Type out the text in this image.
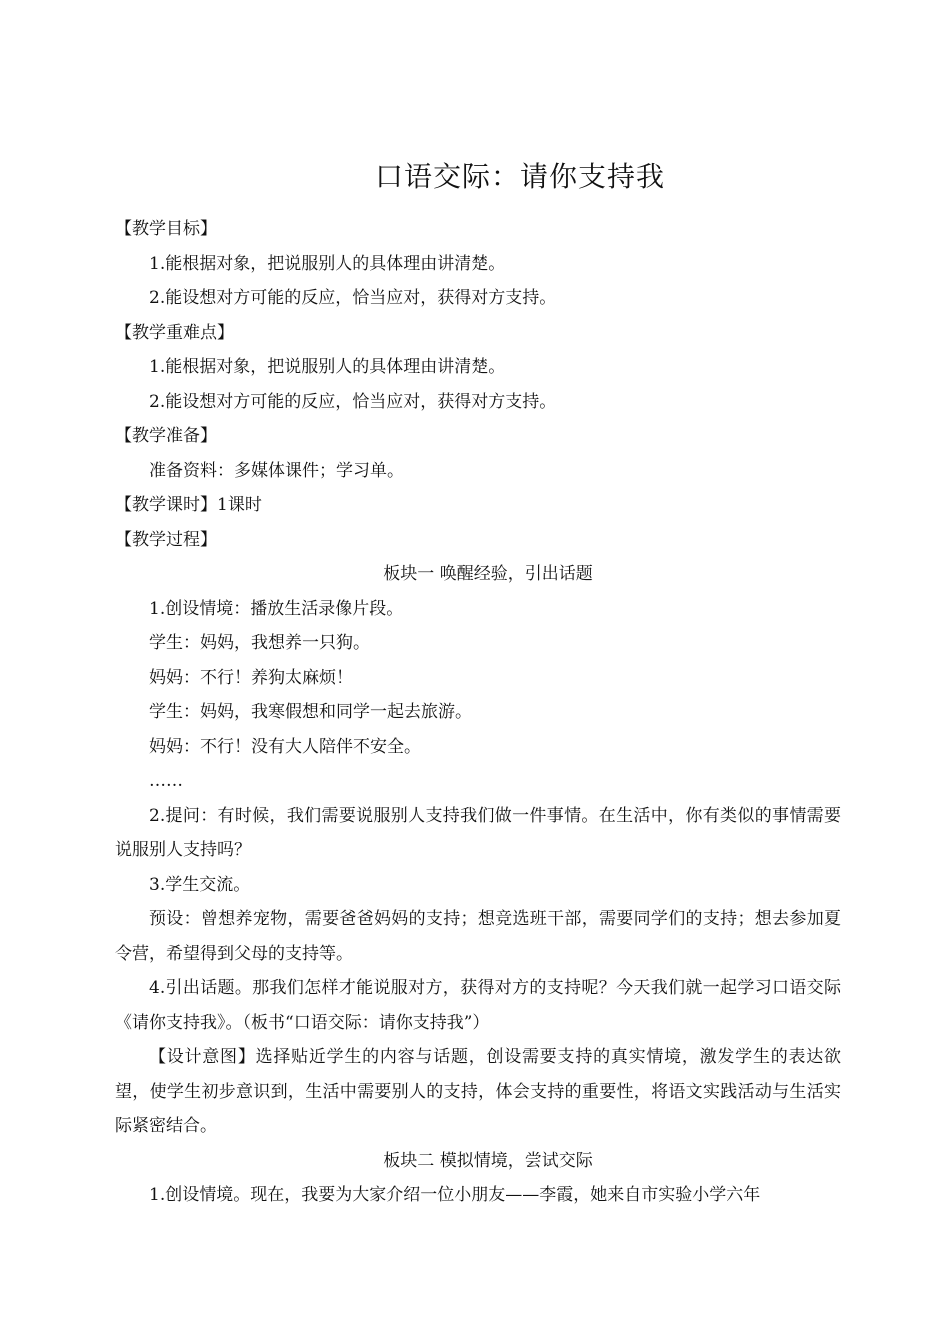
口语交际：请你支持我
【教学目标】
1.能根据对象，把说服别人的具体理由讲清楚。
2.能设想对方可能的反应，恰当应对，获得对方支持。
【教学重难点】
1.能根据对象，把说服别人的具体理由讲清楚。
2.能设想对方可能的反应，恰当应对，获得对方支持。
【教学准备】
准备资料：多媒体课件；学习单。
【教学课时】1课时
【教学过程】
板块一 唤醒经验，引出话题
1.创设情境：播放生活录像片段。
学生：妈妈，我想养一只狗。
妈妈：不行！养狗太麻烦！
学生：妈妈，我寒假想和同学一起去旅游。
妈妈：不行！没有大人陪伴不安全。
……
2.提问：有时候，我们需要说服别人支持我们做一件事情。在生活中，你有类似的事情需要说服别人支持吗？
3.学生交流。
预设：曾想养宠物，需要爸爸妈妈的支持；想竞选班干部，需要同学们的支持；想去参加夏令营，希望得到父母的支持等。
4.引出话题。那我们怎样才能说服对方，获得对方的支持呢？今天我们就一起学习口语交际《请你支持我》。（板书“口语交际：请你支持我”）
【设计意图】选择贴近学生的内容与话题，创设需要支持的真实情境，激发学生的表达欲望，使学生初步意识到，生活中需要别人的支持，体会支持的重要性，将语文实践活动与生活实际紧密结合。
板块二 模拟情境，尝试交际
1.创设情境。现在，我要为大家介绍一位小朋友——李霞，她来自市实验小学六年
